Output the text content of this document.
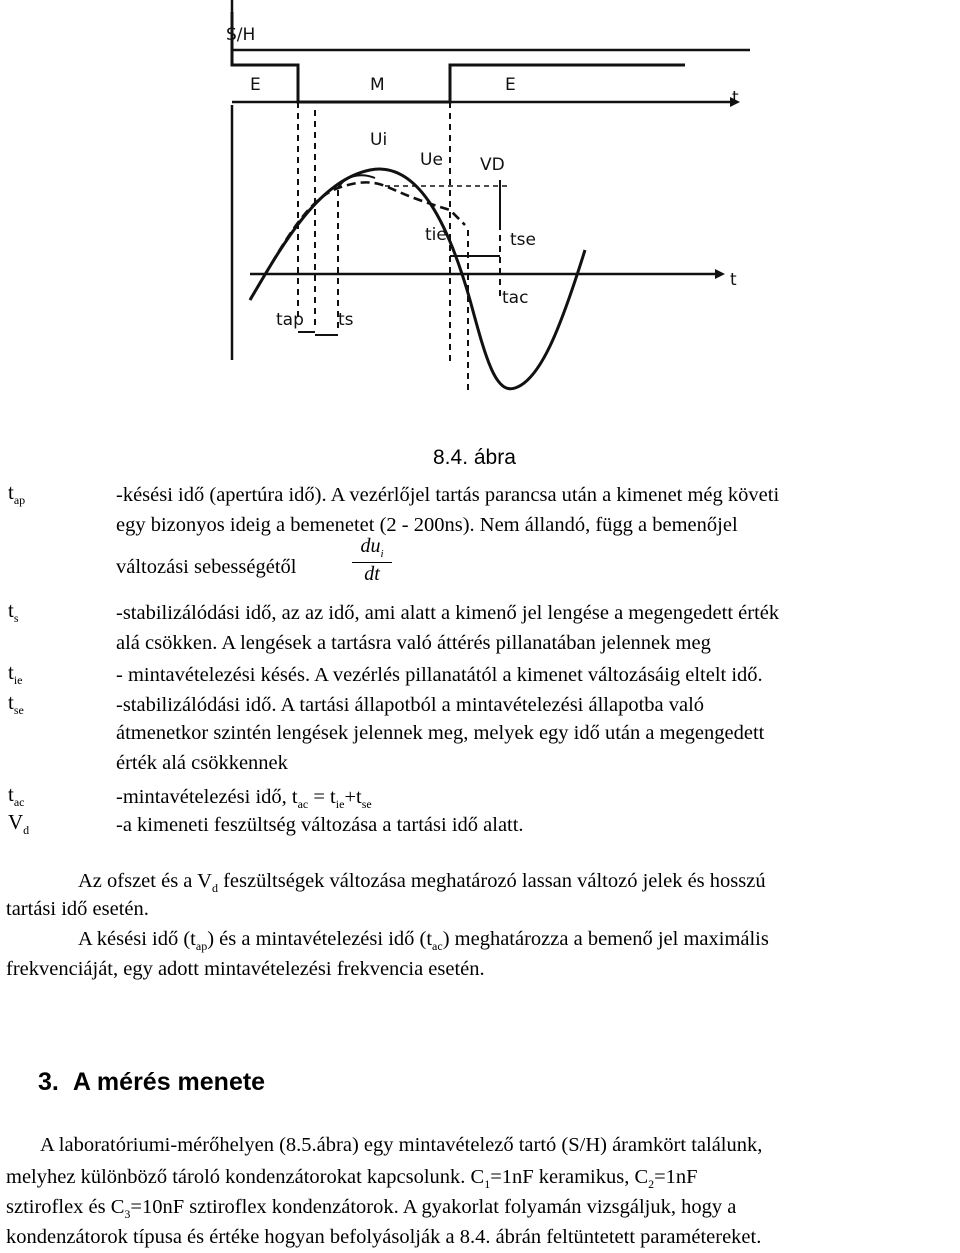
S/H
E	M	E
t
t
Ui
Ue VD
tie	tse
tac
tap ts
8.4. ábra
$t_{ap}$	-késési idő (apertúra idő). A vezérlőjel tartás parancsa után a kimenet még követi
egy bizonyos ideig a bemenetet (2 - 200ns). Nem állandó, függ a bemenőjel
változási sebességétől
$du_i$
dt
$t_s$	-stabilizálódási idő, az az idő, ami alatt a kimenő jel lengése a megengedett érték
alá csökken. A lengések a tartásra való áttérés pillanatában jelennek meg
$t_{ie}$	- mintavételezési késés. A vezérlés pillanatától a kimenet változásáig eltelt idő.
$t_{se}$	-stabilizálódási idő. A tartási állapotból a mintavételezési állapotba való
átmenetkor szintén lengések jelennek meg, melyek egy idő után a megengedett
érték alá csökkennek
$t_{ac}$	-mintavételezési idő, $t_{ac} = t_{ie}+t_{se}$
$V_d$	-a kimeneti feszültség változása a tartási idő alatt.
Az ofszet és a $V_d$ feszültségek változása meghatározó lassan változó jelek és hosszú
tartási idő esetén.
A késési idő $(t_{ap})$ és a mintavételezési idő $(t_{ac})$ meghatározza a bemenő jel maximális
frekvenciáját, egy adott mintavételezési frekvencia esetén.
3. A mérés menete
A laboratóriumi-mérőhelyen (8.5.ábra) egy mintavételező tartó (S/H) áramkört találunk,
melyhez különböző tároló kondenzátorokat kapcsolunk. $C_1=1nF$ keramikus, $C_2=1nF$
sztiroflex és $C_3=10nF$ sztiroflex kondenzátorok. A gyakorlat folyamán vizsgáljuk, hogy a
kondenzátorok típusa és értéke hogyan befolyásolják a 8.4. ábrán feltüntetett paramétereket.
